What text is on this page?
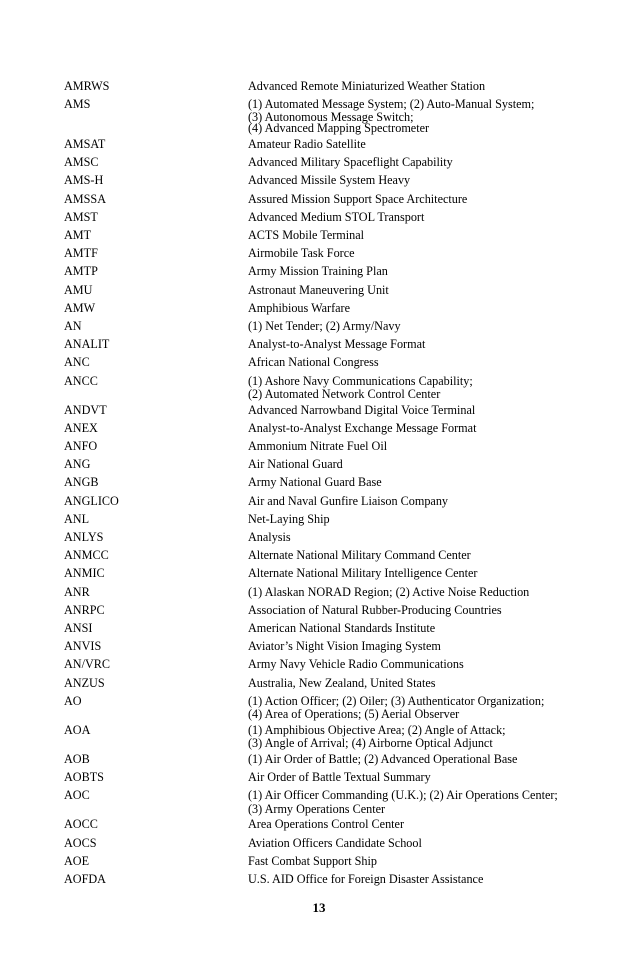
AMRWS	Advanced Remote Miniaturized Weather Station
AMS	(1) Automated Message System; (2) Auto-Manual System;
(3) Autonomous Message Switch;
(4) Advanced Mapping Spectrometer
AMSAT	Amateur Radio Satellite
AMSC	Advanced Military Spaceflight Capability
AMS-H	Advanced Missile System Heavy
AMSSA	Assured Mission Support Space Architecture
AMST	Advanced Medium STOL Transport
AMT	ACTS Mobile Terminal
AMTF	Airmobile Task Force
AMTP	Army Mission Training Plan
AMU	Astronaut Maneuvering Unit
AMW	Amphibious Warfare
AN	(1) Net Tender; (2) Army/Navy
ANALIT	Analyst-to-Analyst Message Format
ANC	African National Congress
ANCC	(1) Ashore Navy Communications Capability;
(2) Automated Network Control Center
ANDVT	Advanced Narrowband Digital Voice Terminal
ANEX	Analyst-to-Analyst Exchange Message Format
ANFO	Ammonium Nitrate Fuel Oil
ANG	Air National Guard
ANGB	Army National Guard Base
ANGLICO	Air and Naval Gunfire Liaison Company
ANL	Net-Laying Ship
ANLYS	Analysis
ANMCC	Alternate National Military Command Center
ANMIC	Alternate National Military Intelligence Center
ANR	(1) Alaskan NORAD Region; (2) Active Noise Reduction
ANRPC	Association of Natural Rubber-Producing Countries
ANSI	American National Standards Institute
ANVIS	Aviator’s Night Vision Imaging System
AN/VRC	Army Navy Vehicle Radio Communications
ANZUS	Australia, New Zealand, United States
AO	(1) Action Officer; (2) Oiler; (3) Authenticator Organization;
(4) Area of Operations; (5) Aerial Observer
AOA	(1) Amphibious Objective Area; (2) Angle of Attack;
(3) Angle of Arrival; (4) Airborne Optical Adjunct
AOB	(1) Air Order of Battle; (2) Advanced Operational Base
AOBTS	Air Order of Battle Textual Summary
AOC	(1) Air Officer Commanding (U.K.); (2) Air Operations Center;
(3) Army Operations Center
AOCC	Area Operations Control Center
AOCS	Aviation Officers Candidate School
AOE	Fast Combat Support Ship
AOFDA	U.S. AID Office for Foreign Disaster Assistance
13
